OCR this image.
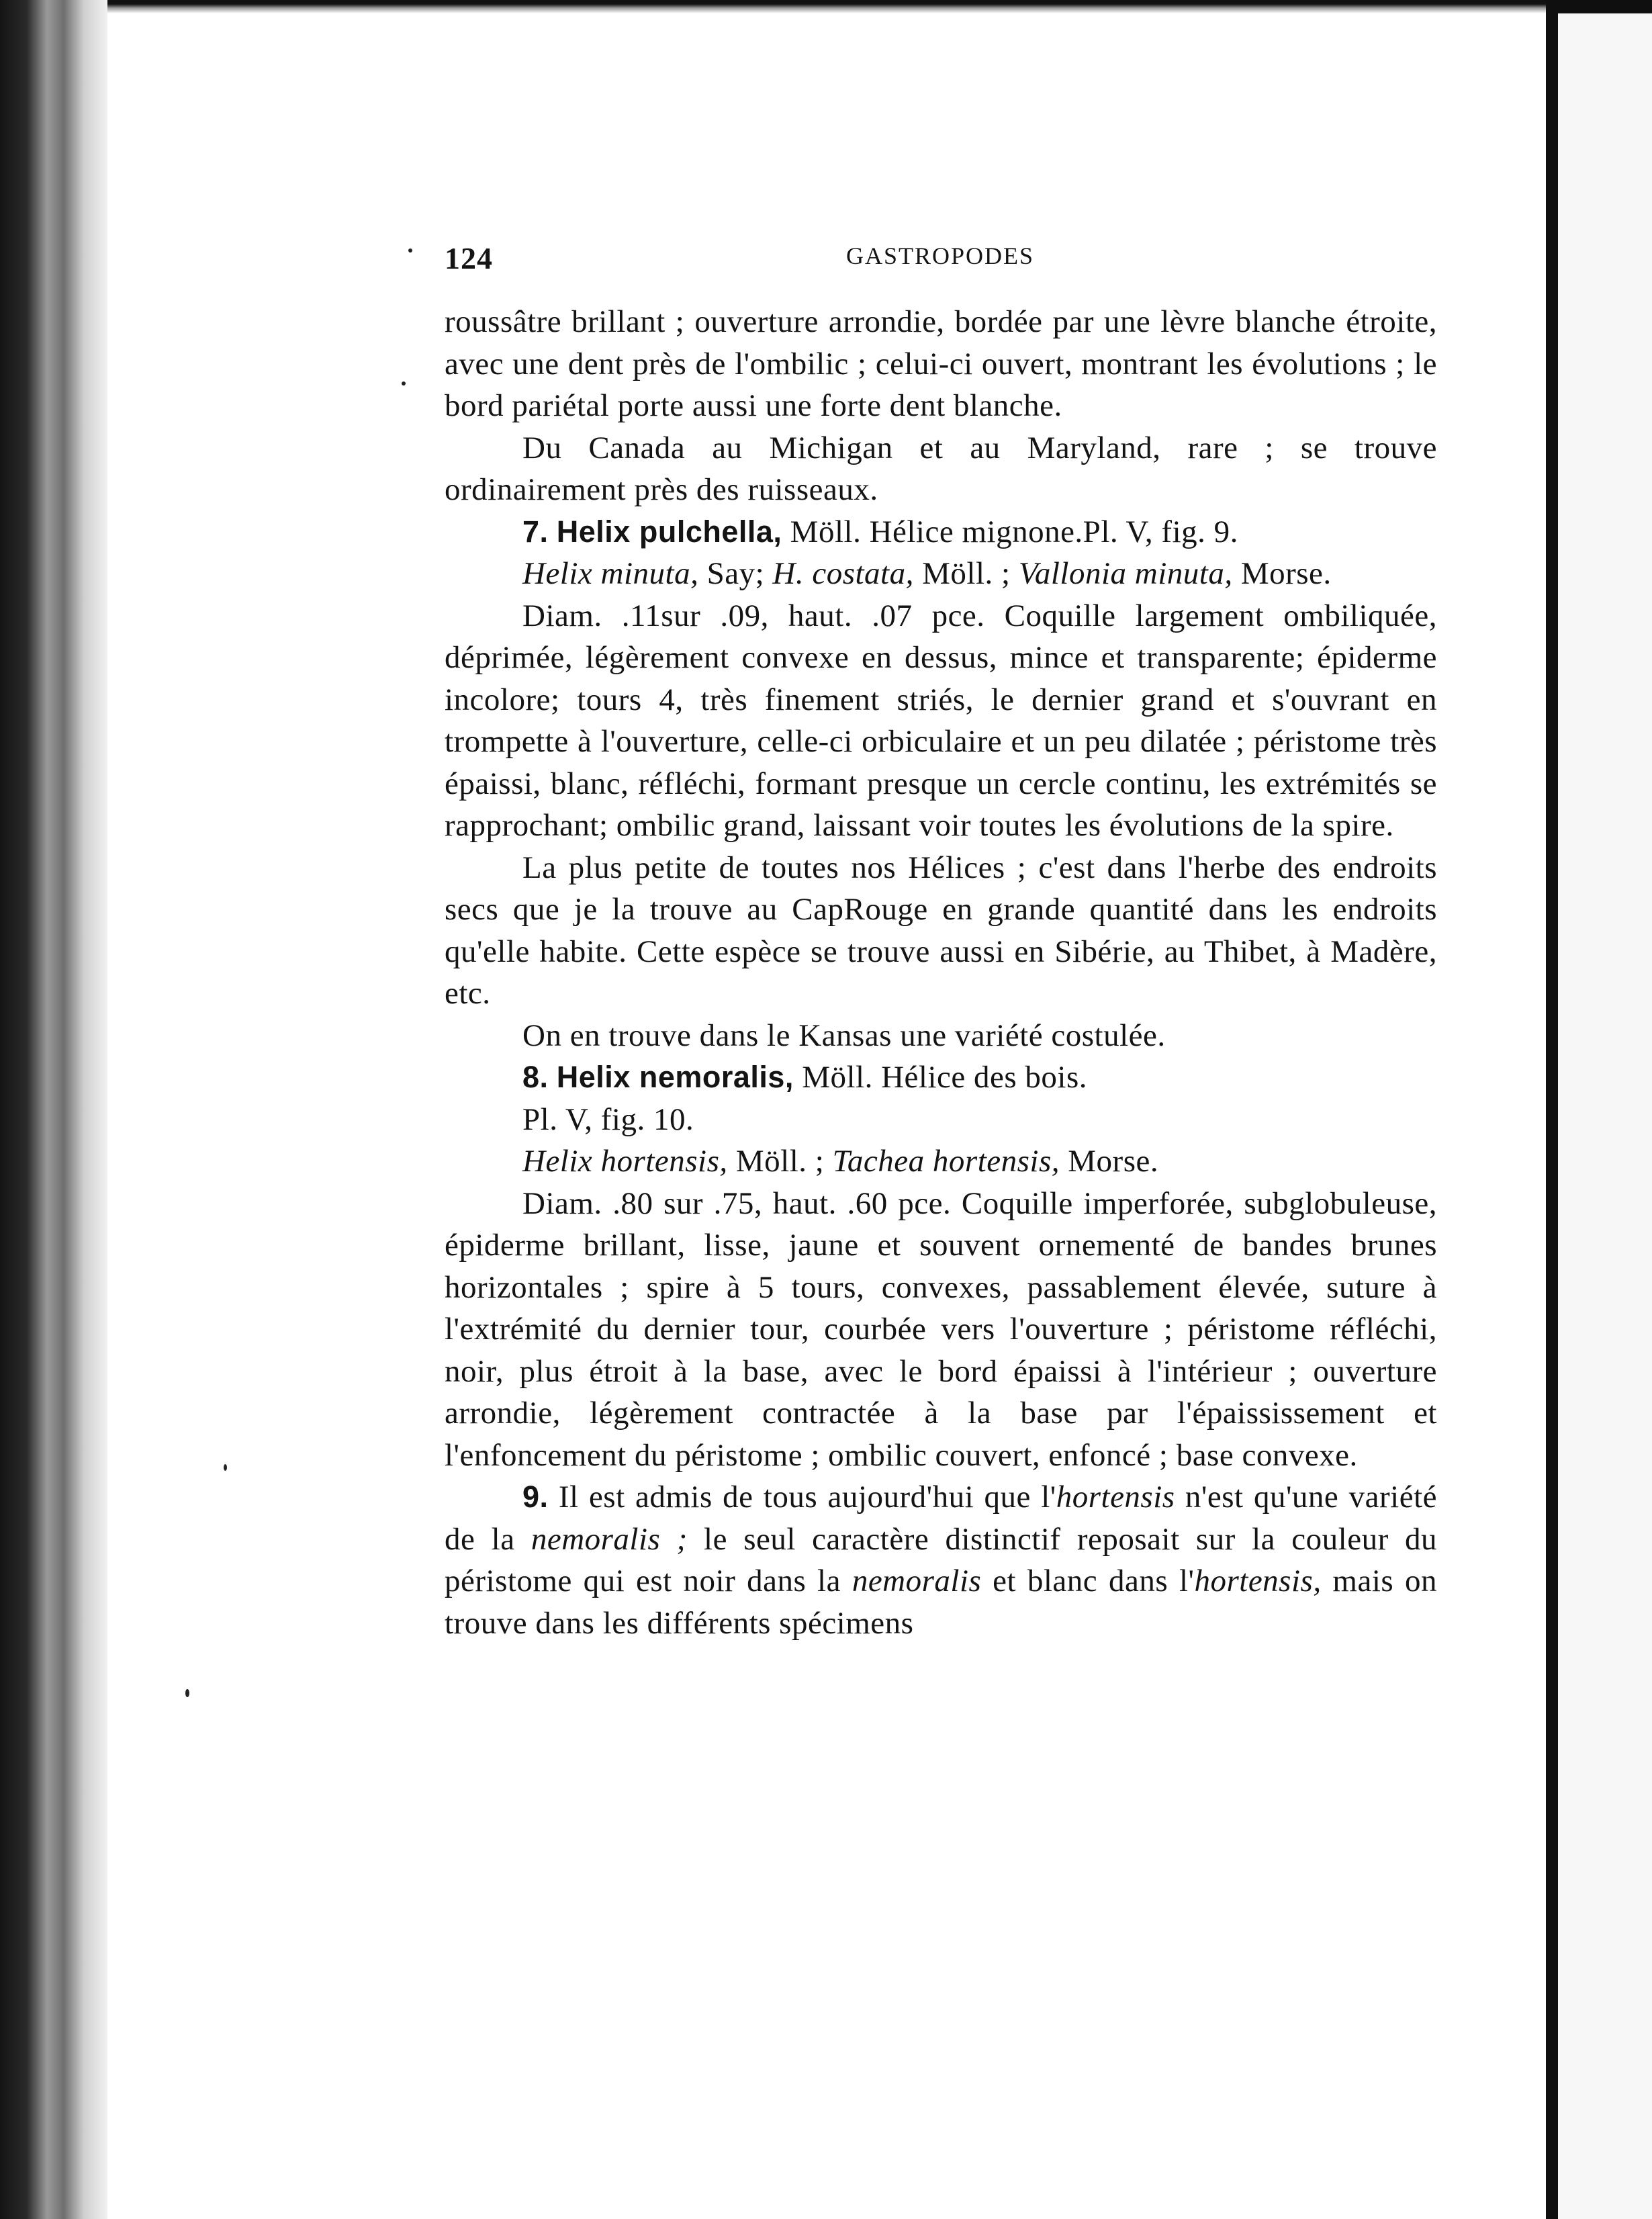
124	GASTROPODES

roussâtre brillant ; ouverture arrondie, bordée par une lèvre blanche étroite, avec une dent près de l'ombilic ; celui-ci ouvert, montrant les évolutions ; le bord pariétal porte aussi une forte dent blanche.

Du Canada au Michigan et au Maryland, rare ; se trouve ordinairement près des ruisseaux.

7. Helix pulchella, Möll. Hélice mignone.Pl. V, fig. 9.

Helix minuta, Say; H. costata, Möll. ; Vallonia minuta, Morse.

Diam. .11sur .09, haut. .07 pce. Coquille largement ombiliquée, déprimée, légèrement convexe en dessus, mince et transparente; épiderme incolore; tours 4, très finement striés, le dernier grand et s'ouvrant en trompette à l'ouverture, celle-ci orbiculaire et un peu dilatée ; péristome très épaissi, blanc, réfléchi, formant presque un cercle continu, les extrémités se rapprochant; ombilic grand, laissant voir toutes les évolutions de la spire.

La plus petite de toutes nos Hélices ; c'est dans l'herbe des endroits secs que je la trouve au CapRouge en grande quantité dans les endroits qu'elle habite. Cette espèce se trouve aussi en Sibérie, au Thibet, à Madère, etc.

On en trouve dans le Kansas une variété costulée.

8. Helix nemoralis, Möll. Hélice des bois.

Pl. V, fig. 10.

Helix hortensis, Möll. ; Tachea hortensis, Morse.

Diam. .80 sur .75, haut. .60 pce. Coquille imperforée, subglobuleuse, épiderme brillant, lisse, jaune et souvent ornementé de bandes brunes horizontales ; spire à 5 tours, convexes, passablement élevée, suture à l'extrémité du dernier tour, courbée vers l'ouverture ; péristome réfléchi, noir, plus étroit à la base, avec le bord épaissi à l'intérieur ; ouverture arrondie, légèrement contractée à la base par l'épaississement et l'enfoncement du péristome ; ombilic couvert, enfoncé ; base convexe.

9. Il est admis de tous aujourd'hui que l'hortensis n'est qu'une variété de la nemoralis ; le seul caractère distinctif reposait sur la couleur du péristome qui est noir dans la nemoralis et blanc dans l'hortensis, mais on trouve dans les différents spécimens
